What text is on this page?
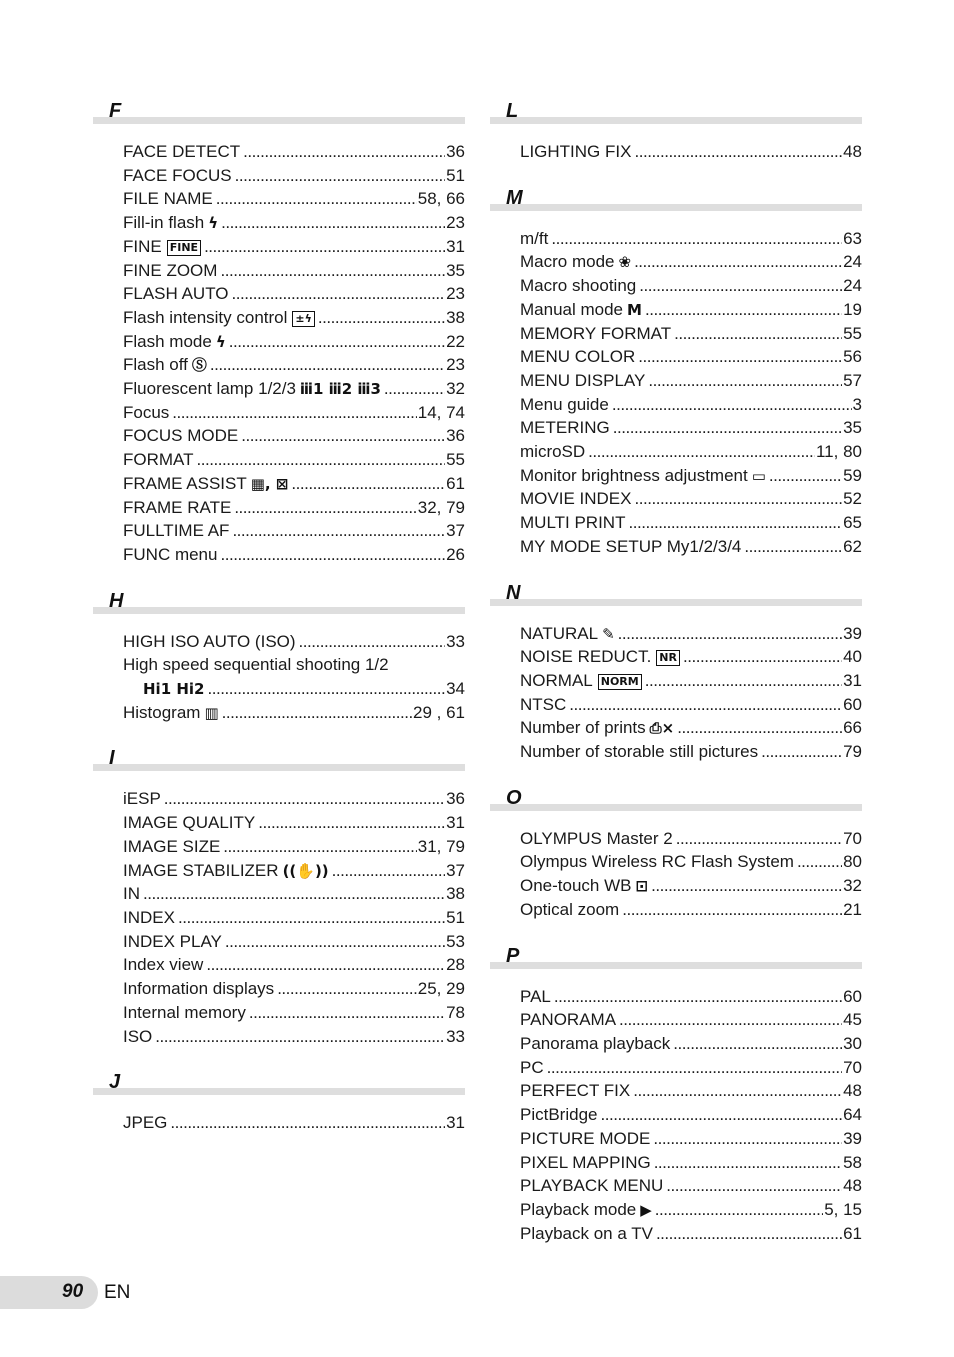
F
FACE DETECT . . .	36
FACE FOCUS . . .	51
FILE NAME . . .	58, 66
Fill-in flash ϟ . . .	23
FINE FINE . . .	31
FINE ZOOM . . .	35
FLASH AUTO . . .	23
Flash intensity control ±ϟ . . .	38
Flash mode ϟ . . .	22
Flash off Ⓢ . . .	23
Fluorescent lamp 1/2/3 ⅲ1 ⅲ2 ⅲ3 . . .	32
Focus . . .	14, 74
FOCUS MODE . . .	36
FORMAT . . .	55
FRAME ASSIST ▦, ⊠ . . .	61
FRAME RATE . . .	32, 79
FULLTIME AF . . .	37
FUNC menu . . .	26
H
HIGH ISO AUTO (ISO) . . .	33
High speed sequential shooting 1/2
Hi1 Hi2 . . .	34
Histogram ▥ . . .	29 , 61
I
iESP . . .	36
IMAGE QUALITY . . .	31
IMAGE SIZE . . .	31, 79
IMAGE STABILIZER ((✋)) . . .	37
IN . . .	38
INDEX . . .	51
INDEX PLAY . . .	53
Index view . . .	28
Information displays . . .	25, 29
Internal memory . . .	78
ISO . . .	33
J
JPEG . . .	31
L
LIGHTING FIX . . .	48
M
m/ft . . .	63
Macro mode ❀ . . .	24
Macro shooting . . .	24
Manual mode M . . .	19
MEMORY FORMAT . . .	55
MENU COLOR . . .	56
MENU DISPLAY . . .	57
Menu guide . . .	3
METERING . . .	35
microSD . . .	11, 80
Monitor brightness adjustment ▭ . . .	59
MOVIE INDEX . . .	52
MULTI PRINT . . .	65
MY MODE SETUP My1/2/3/4 . . .	62
N
NATURAL ✎ . . .	39
NOISE REDUCT. NR . . .	40
NORMAL NORM . . .	31
NTSC . . .	60
Number of prints ⎙× . . .	66
Number of storable still pictures . . .	79
O
OLYMPUS Master 2 . . .	70
Olympus Wireless RC Flash System . . .	80
One-touch WB ⊡ . . .	32
Optical zoom . . .	21
P
PAL . . .	60
PANORAMA . . .	45
Panorama playback . . .	30
PC . . .	70
PERFECT FIX . . .	48
PictBridge . . .	64
PICTURE MODE . . .	39
PIXEL MAPPING . . .	58
PLAYBACK MENU . . .	48
Playback mode ▶ . . .	5, 15
Playback on a TV . . .	61
90 EN
